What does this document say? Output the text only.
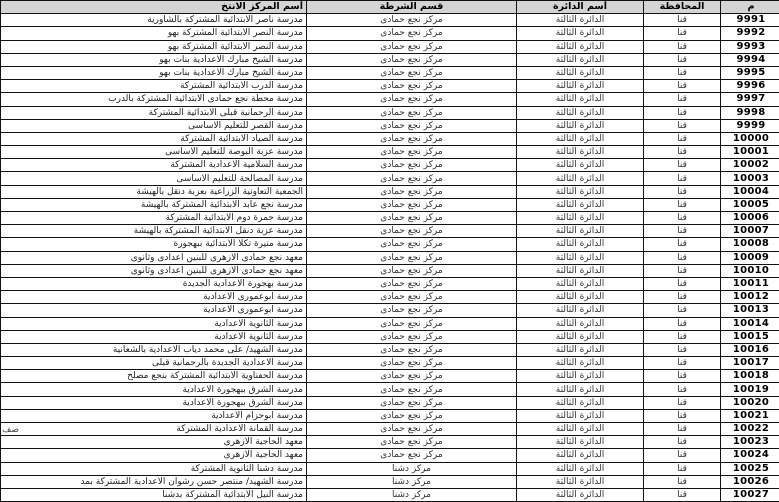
أسم المركز الانتخ	قسم الشرطة	أسم الدائرة	المحافظة	م
مدرسة ناصر الابتدائية المشتركة بالشاورية	مركز نجع حمادى	الدائرة الثالثة	قنا	9991
مدرسة النصر الابتدائية المشتركة بهو	مركز نجع حمادى	الدائرة الثالثة	قنا	9992
مدرسة النصر الابتدائية المشتركة بهو	مركز نجع حمادى	الدائرة الثالثة	قنا	9993
مدرسة الشيخ مبارك الاعدادية بنات بهو	مركز نجع حمادى	الدائرة الثالثة	قنا	9994
مدرسة الشيخ مبارك الاعدادية بنات بهو	مركز نجع حمادى	الدائرة الثالثة	قنا	9995
مدرسة الدرب الابتدائية المشتركة	مركز نجع حمادى	الدائرة الثالثة	قنا	9996
مدرسة محطة نجع حمادى الابتدائية المشتركة بالدرب	مركز نجع حمادى	الدائرة الثالثة	قنا	9997
مدرسة الرحمانية قبلى الابتدائية المشتركة	مركز نجع حمادى	الدائرة الثالثة	قنا	9998
مدرسة القصر للتعليم الاساسى	مركز نجع حمادى	الدائرة الثالثة	قنا	9999
مدرسة الصياد الابتدائية المشتركة	مركز نجع حمادى	الدائرة الثالثة	قنا	10000
مدرسة عزبة البوصة للتعليم الاساسى	مركز نجع حمادى	الدائرة الثالثة	قنا	10001
مدرسة السلامية الاعدادية المشتركة	مركز نجع حمادى	الدائرة الثالثة	قنا	10002
مدرسة المصالحة للتعليم الاساسى	مركز نجع حمادى	الدائرة الثالثة	قنا	10003
الجمعية التعاونية الزراعية بعزبة دنقل بالهيشة	مركز نجع حمادى	الدائرة الثالثة	قنا	10004
مدرسة نجع عابد الابتدائية المشتركة بالهيشة	مركز نجع حمادى	الدائرة الثالثة	قنا	10005
مدرسة حمرة دوم الابتدائية المشتركة	مركز نجع حمادى	الدائرة الثالثة	قنا	10006
مدرسة عزبة دنقل الابتدائية المشتركة بالهيشة	مركز نجع حمادى	الدائرة الثالثة	قنا	10007
مدرسة منيرة تكلا الابتدائية ببهجورة	مركز نجع حمادى	الدائرة الثالثة	قنا	10008
معهد نجع حمادى الازهرى للبنين اعدادى وثانوى	مركز نجع حمادى	الدائرة الثالثة	قنا	10009
معهد نجع حمادى الازهرى للبنين اعدادى وثانوى	مركز نجع حمادى	الدائرة الثالثة	قنا	10010
مدرسة بهجورة الاعدادية الجديدة	مركز نجع حمادى	الدائرة الثالثة	قنا	10011
مدرسة ابوعمورى الاعدادية	مركز نجع حمادى	الدائرة الثالثة	قنا	10012
مدرسة ابوعمورى الاعدادية	مركز نجع حمادى	الدائرة الثالثة	قنا	10013
مدرسة الثانوية الاعدادية	مركز نجع حمادى	الدائرة الثالثة	قنا	10014
مدرسة الثانوية الاعدادية	مركز نجع حمادى	الدائرة الثالثة	قنا	10015
مدرسة الشهيد/ على محمد دياب الاعدادية بالشعانية	مركز نجع حمادى	الدائرة الثالثة	قنا	10016
مدرسة الاعدادية الجديدة بالرحمانية قبلى	مركز نجع حمادى	الدائرة الثالثة	قنا	10017
مدرسة الحفناوية الابتدائية المشتركة بنجع مصلح	مركز نجع حمادى	الدائرة الثالثة	قنا	10018
مدرسة الشرق ببهجورة الاعدادية	مركز نجع حمادى	الدائرة الثالثة	قنا	10019
مدرسة الشرق ببهجورة الاعدادية	مركز نجع حمادى	الدائرة الثالثة	قنا	10020
مدرسة ابوحزام الاعدادية	مركز نجع حمادى	الدائرة الثالثة	قنا	10021
مدرسة القمانة الاعدادية المشتركة	مركز نجع حمادى	الدائرة الثالثة	قنا	10022
معهد الحاجية الازهرى	مركز نجع حمادى	الدائرة الثالثة	قنا	10023
معهد الحاجية الازهرى	مركز نجع حمادى	الدائرة الثالثة	قنا	10024
مدرسة دشنا الثانوية المشتركة	مركز دشنا	الدائرة الثالثة	قنا	10025
مدرسة الشهيد/ منتصر حسن رشوان الاعدادية المشتركة بمد	مركز دشنا	الدائرة الثالثة	قنا	10026
مدرسة النيل الابتدائية المشتركة بدشنا	مركز دشنا	الدائرة الثالثة	قنا	10027
صف
